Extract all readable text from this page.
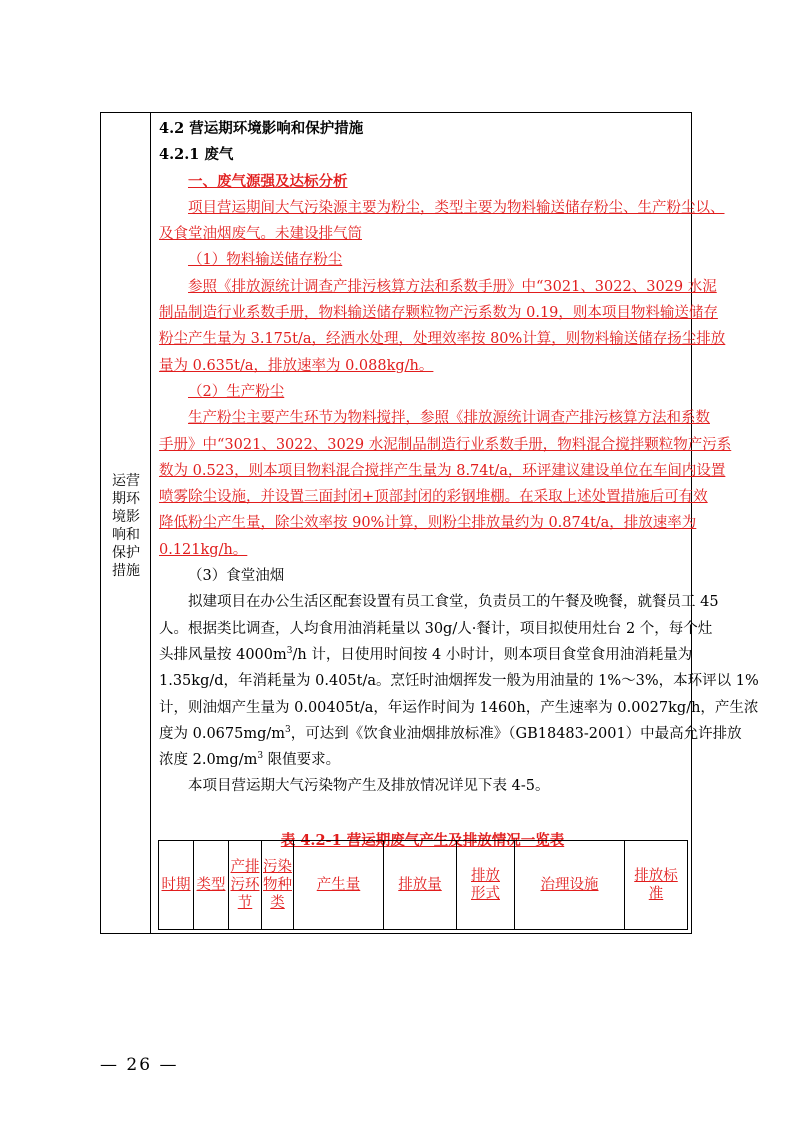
运营期环境影响和保护措施
4.2 营运期环境影响和保护措施
4.2.1 废气
一、废气源强及达标分析
项目营运期间大气污染源主要为粉尘，类型主要为物料输送储存粉尘、生产粉尘以、
及食堂油烟废气。未建设排气筒
（1）物料输送储存粉尘
参照《排放源统计调查产排污核算方法和系数手册》中“3021、3022、3029 水泥
制品制造行业系数手册，物料输送储存颗粒物产污系数为 0.19，则本项目物料输送储存
粉尘产生量为 3.175t/a，经洒水处理，处理效率按 80%计算，则物料输送储存扬尘排放
量为 0.635t/a，排放速率为 0.088kg/h。
（2）生产粉尘
生产粉尘主要产生环节为物料搅拌，参照《排放源统计调查产排污核算方法和系数
手册》中“3021、3022、3029 水泥制品制造行业系数手册，物料混合搅拌颗粒物产污系
数为 0.523，则本项目物料混合搅拌产生量为 8.74t/a，环评建议建设单位在车间内设置
喷雾除尘设施，并设置三面封闭+顶部封闭的彩钢堆棚。在采取上述处置措施后可有效
降低粉尘产生量，除尘效率按 90%计算，则粉尘排放量约为 0.874t/a，排放速率为
0.121kg/h。
（3）食堂油烟
拟建项目在办公生活区配套设置有员工食堂，负责员工的午餐及晚餐，就餐员工 45
人。根据类比调查，人均食用油消耗量以 30g/人·餐计，项目拟使用灶台 2 个，每个灶
头排风量按 $4000m^3/h$ 计，日使用时间按 4 小时计，则本项目食堂食用油消耗量为
1.35kg/d，年消耗量为 0.405t/a。烹饪时油烟挥发一般为用油量的 1%～3%，本环评以 1%
计，则油烟产生量为 0.00405t/a，年运作时间为 1460h，产生速率为 0.0027kg/h，产生浓
度为 $0.0675mg/m^3$，可达到《饮食业油烟排放标准》（GB18483-2001）中最高允许排放
浓度 $2.0mg/m^3$ 限值要求。
本项目营运期大气污染物产生及排放情况详见下表 4-5。
表 4.2-1 营运期废气产生及排放情况一览表
时期	类型	产排污环节	污染物种类	产生量	排放量	排放形式	治理设施	排放标准
— 26 —
